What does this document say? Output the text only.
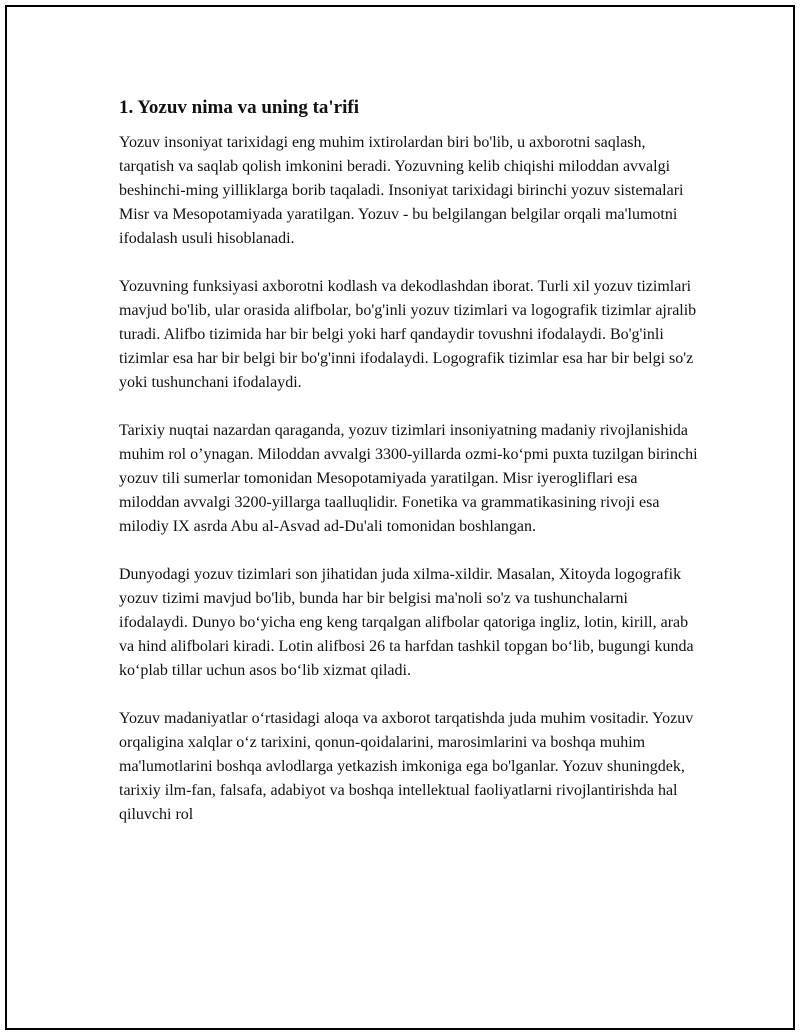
1. Yozuv nima va uning ta'rifi

Yozuv insoniyat tarixidagi eng muhim ixtirolardan biri bo'lib, u axborotni saqlash, tarqatish va saqlab qolish imkonini beradi. Yozuvning kelib chiqishi miloddan avvalgi beshinchi-ming yilliklarga borib taqaladi. Insoniyat tarixidagi birinchi yozuv sistemalari Misr va Mesopotamiyada yaratilgan. Yozuv - bu belgilangan belgilar orqali ma'lumotni ifodalash usuli hisoblanadi.

Yozuvning funksiyasi axborotni kodlash va dekodlashdan iborat. Turli xil yozuv tizimlari mavjud bo'lib, ular orasida alifbolar, bo'g'inli yozuv tizimlari va logografik tizimlar ajralib turadi. Alifbo tizimida har bir belgi yoki harf qandaydir tovushni ifodalaydi. Bo'g'inli tizimlar esa har bir belgi bir bo'g'inni ifodalaydi. Logografik tizimlar esa har bir belgi so'z yoki tushunchani ifodalaydi.

Tarixiy nuqtai nazardan qaraganda, yozuv tizimlari insoniyatning madaniy rivojlanishida muhim rol o’ynagan. Miloddan avvalgi 3300-yillarda ozmi-ko‘pmi puxta tuzilgan birinchi yozuv tili sumerlar tomonidan Mesopotamiyada yaratilgan. Misr iyerogliflari esa miloddan avvalgi 3200-yillarga taalluqlidir. Fonetika va grammatikasining rivoji esa milodiy IX asrda Abu al-Asvad ad-Du'ali tomonidan boshlangan.

Dunyodagi yozuv tizimlari son jihatidan juda xilma-xildir. Masalan, Xitoyda logografik yozuv tizimi mavjud bo'lib, bunda har bir belgisi ma'noli so'z va tushunchalarni ifodalaydi. Dunyo bo‘yicha eng keng tarqalgan alifbolar qatoriga ingliz, lotin, kirill, arab va hind alifbolari kiradi. Lotin alifbosi 26 ta harfdan tashkil topgan bo‘lib, bugungi kunda ko‘plab tillar uchun asos bo‘lib xizmat qiladi.

Yozuv madaniyatlar o‘rtasidagi aloqa va axborot tarqatishda juda muhim vositadir. Yozuv orqaligina xalqlar o‘z tarixini, qonun-qoidalarini, marosimlarini va boshqa muhim ma'lumotlarini boshqa avlodlarga yetkazish imkoniga ega bo'lganlar. Yozuv shuningdek, tarixiy ilm-fan, falsafa, adabiyot va boshqa intellektual faoliyatlarni rivojlantirishda hal qiluvchi rol
